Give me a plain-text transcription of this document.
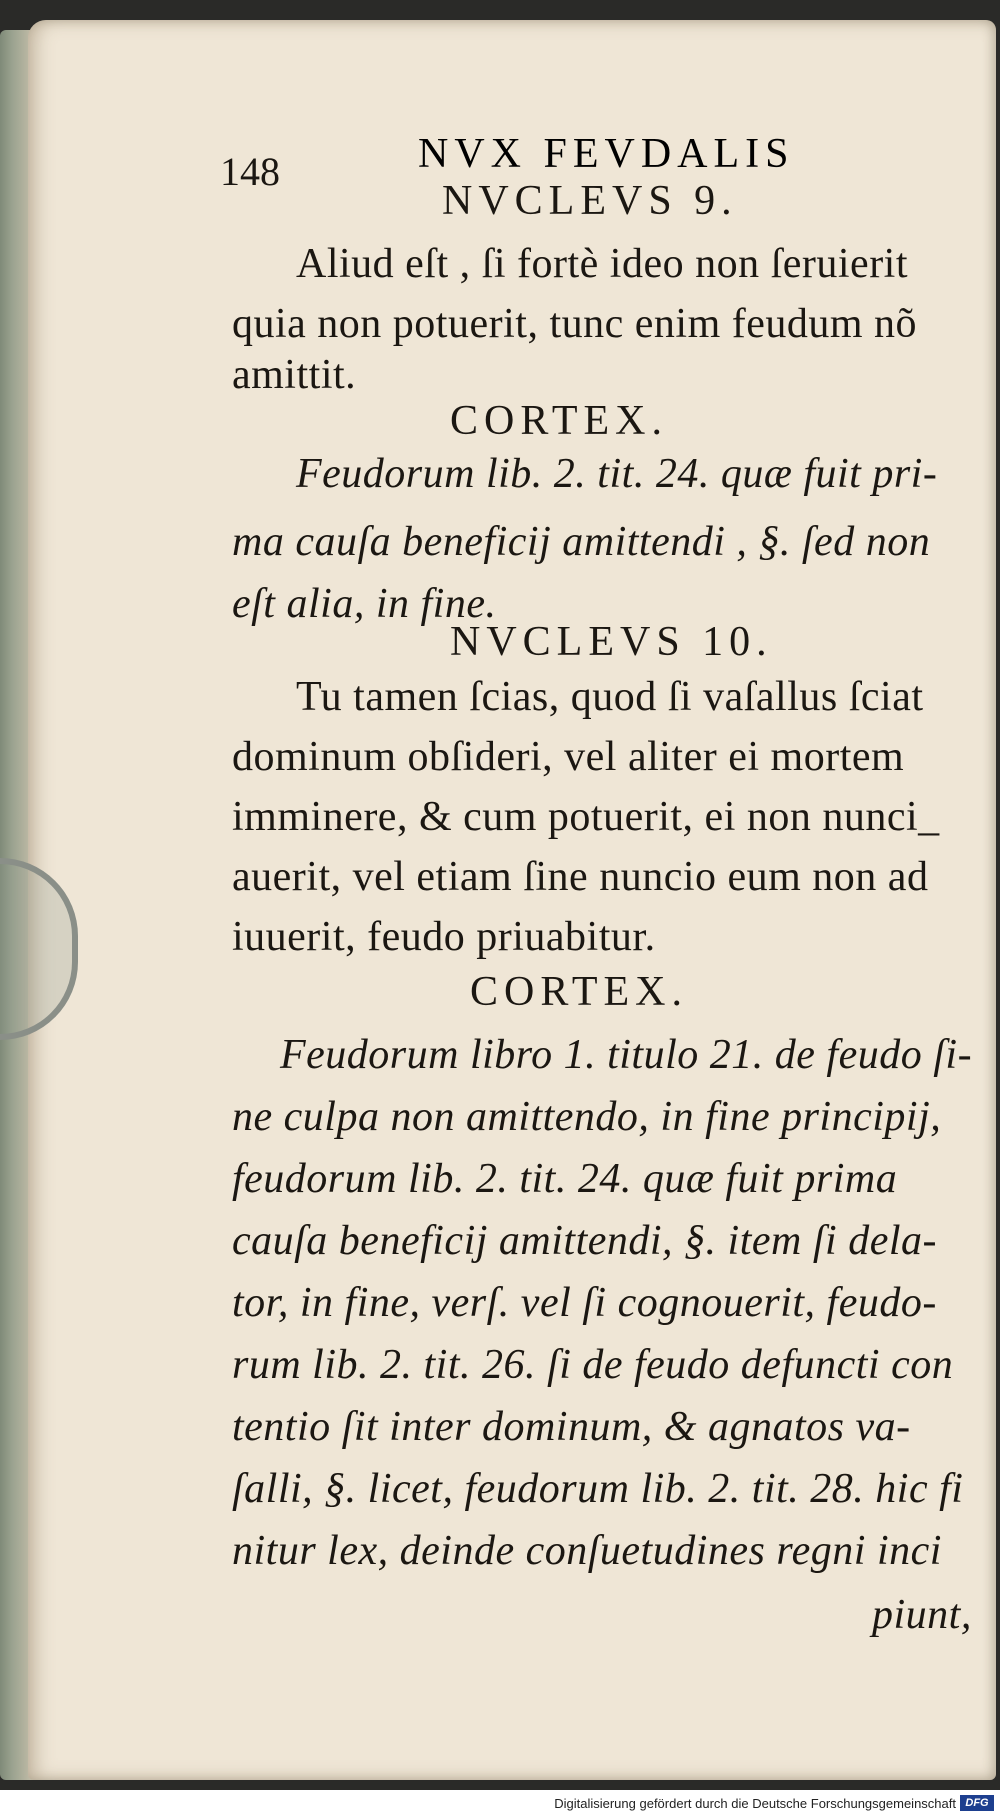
148	NVX FEVDALIS
NVCLEVS 9.
Aliud eſt , ſi fortè ideo non ſeruierit
quia non potuerit, tunc enim feudum nõ
amittit.
CORTEX.
Feudorum lib. 2. tit. 24. quæ fuit pri-
ma cauſa beneficij amittendi , §. ſed non
eſt alia, in fine.
NVCLEVS 10.
Tu tamen ſcias, quod ſi vaſallus ſciat
dominum obſideri, vel aliter ei mortem
imminere, & cum potuerit, ei non nunci_
auerit, vel etiam ſine nuncio eum non ad
iuuerit, feudo priuabitur.
CORTEX.
Feudorum libro 1. titulo 21. de feudo ſi-
ne culpa non amittendo, in fine principij,
feudorum lib. 2. tit. 24. quæ fuit prima
cauſa beneficij amittendi, §. item ſi dela-
tor, in fine, verſ. vel ſi cognouerit, feudo-
rum lib. 2. tit. 26. ſi de feudo defuncti con
tentio ſit inter dominum, & agnatos va-
ſalli, §. licet, feudorum lib. 2. tit. 28. hic fi
nitur lex, deinde conſuetudines regni inci
piunt,
Digitalisierung gefördert durch die Deutsche Forschungsgemeinschaft DFG
